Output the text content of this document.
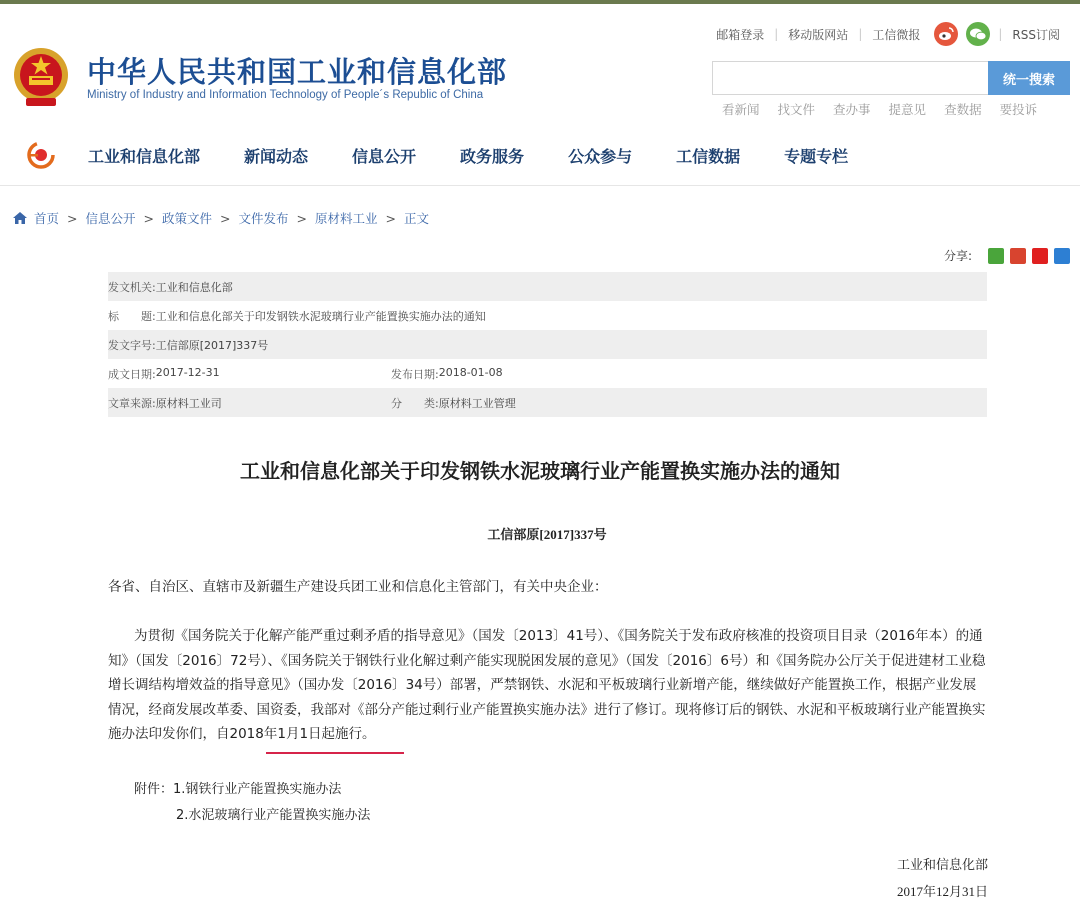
中华人民共和国工业和信息化部
Ministry of Industry and Information Technology of People´s Republic of China
邮箱登录 | 移动版网站 | 工信微报	| RSS订阅
统一搜索
看新闻 找文件 查办事 提意见 查数据 要投诉
工业和信息化部	新闻动态	信息公开	政务服务	公众参与	工信数据	专题专栏
首页 > 信息公开 > 政策文件 > 文件发布 > 原材料工业 > 正文
分享:
发文机关: 工业和信息化部
标　　题: 工业和信息化部关于印发钢铁水泥玻璃行业产能置换实施办法的通知
发文字号: 工信部原[2017]337号
成文日期: 2017-12-31	发布日期: 2018-01-08
文章来源: 原材料工业司	分　　类: 原材料工业管理
工业和信息化部关于印发钢铁水泥玻璃行业产能置换实施办法的通知
工信部原[2017]337号
各省、自治区、直辖市及新疆生产建设兵团工业和信息化主管部门，有关中央企业：
为贯彻《国务院关于化解产能严重过剩矛盾的指导意见》（国发〔2013〕41号）、《国务院关于发布政府核准的投资项目目录（2016年本）的通知》（国发〔2016〕72号）、《国务院关于钢铁行业化解过剩产能实现脱困发展的意见》（国发〔2016〕6号）和《国务院办公厅关于促进建材工业稳增长调结构增效益的指导意见》（国办发〔2016〕34号）部署，严禁钢铁、水泥和平板玻璃行业新增产能，继续做好产能置换工作，根据产业发展情况，经商发展改革委、国资委，我部对《部分产能过剩行业产能置换实施办法》进行了修订。现将修订后的钢铁、水泥和平板玻璃行业产能置换实施办法印发你们，自2018年1月1日起施行。
附件：1.钢铁行业产能置换实施办法
2.水泥玻璃行业产能置换实施办法
工业和信息化部
2017年12月31日
